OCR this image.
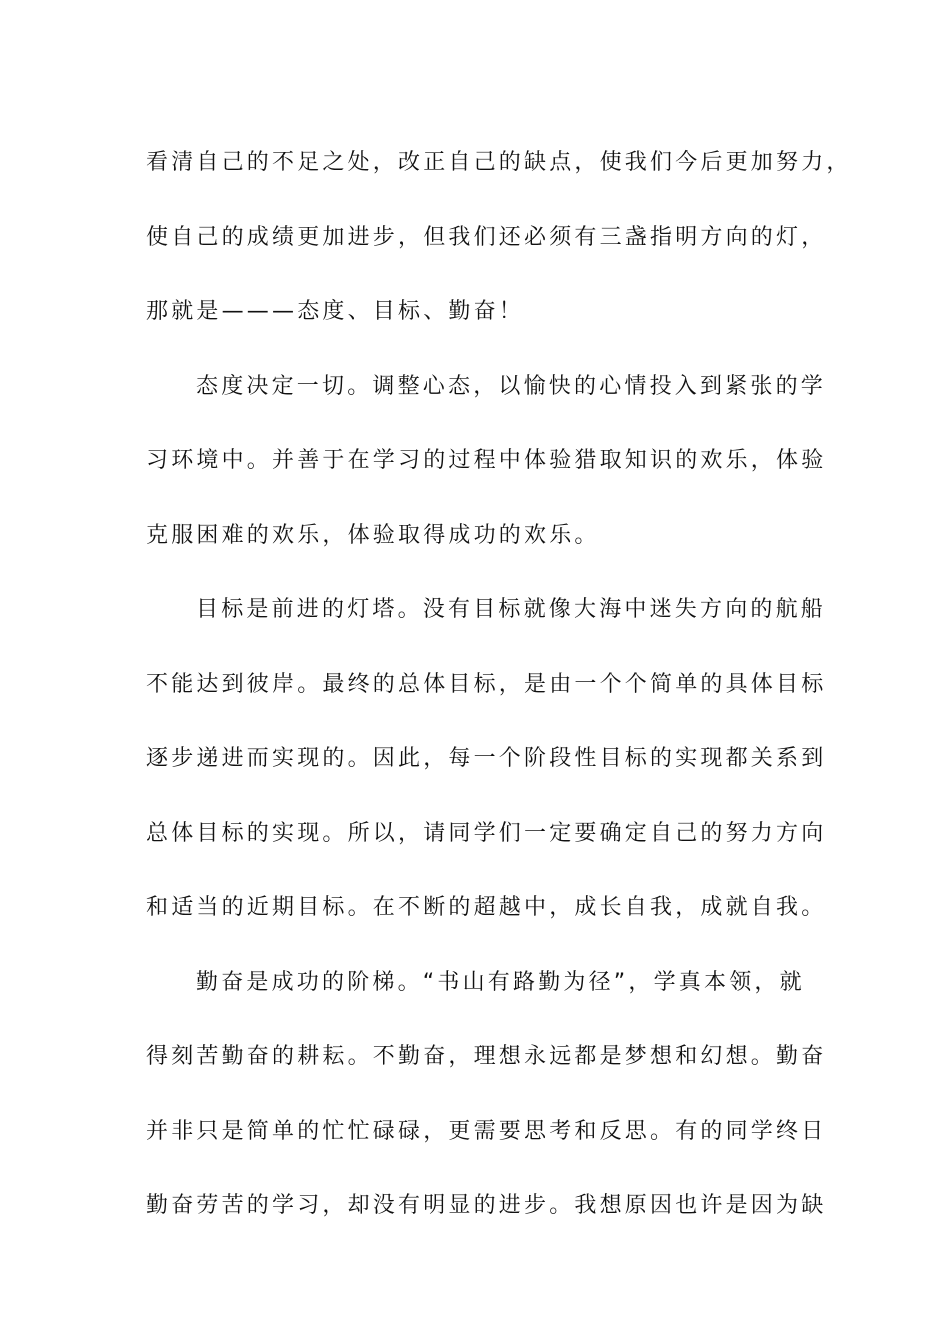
看清自己的不足之处，改正自己的缺点，使我们今后更加努力，
使自己的成绩更加进步，但我们还必须有三盏指明方向的灯，
那就是———态度、目标、勤奋！
态度决定一切。调整心态，以愉快的心情投入到紧张的学
习环境中。并善于在学习的过程中体验猎取知识的欢乐，体验
克服困难的欢乐，体验取得成功的欢乐。
目标是前进的灯塔。没有目标就像大海中迷失方向的航船
不能达到彼岸。最终的总体目标，是由一个个简单的具体目标
逐步递进而实现的。因此，每一个阶段性目标的实现都关系到
总体目标的实现。所以，请同学们一定要确定自己的努力方向
和适当的近期目标。在不断的超越中，成长自我，成就自我。
勤奋是成功的阶梯。“书山有路勤为径”，学真本领，就
得刻苦勤奋的耕耘。不勤奋，理想永远都是梦想和幻想。勤奋
并非只是简单的忙忙碌碌，更需要思考和反思。有的同学终日
勤奋劳苦的学习，却没有明显的进步。我想原因也许是因为缺
